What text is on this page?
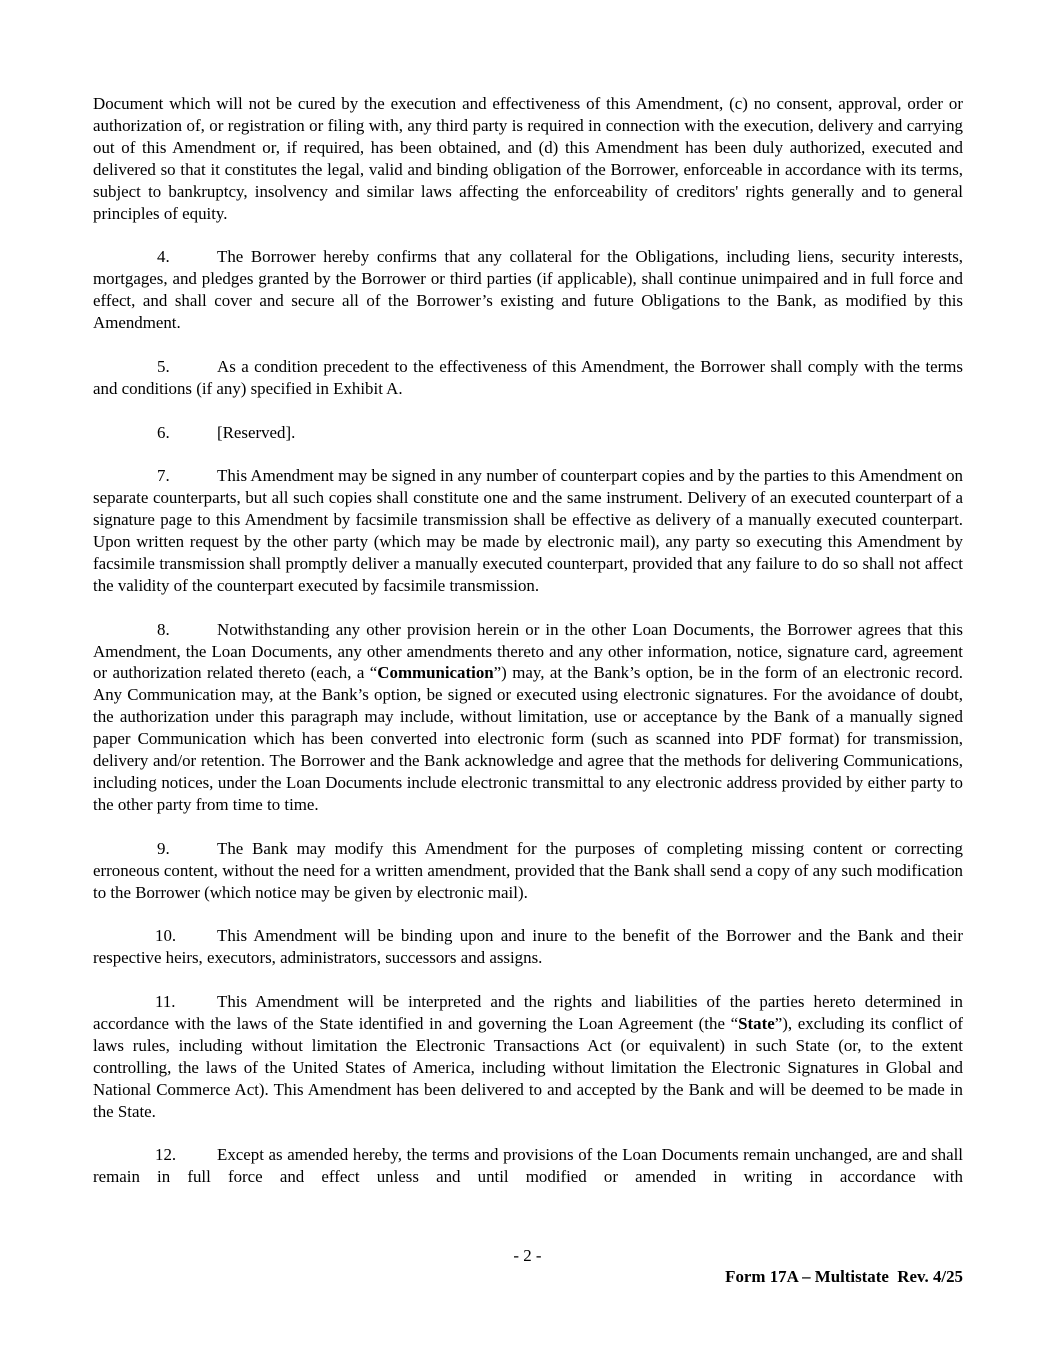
Document which will not be cured by the execution and effectiveness of this Amendment, (c) no consent, approval, order or authorization of, or registration or filing with, any third party is required in connection with the execution, delivery and carrying out of this Amendment or, if required, has been obtained, and (d) this Amendment has been duly authorized, executed and delivered so that it constitutes the legal, valid and binding obligation of the Borrower, enforceable in accordance with its terms, subject to bankruptcy, insolvency and similar laws affecting the enforceability of creditors' rights generally and to general principles of equity.

4.	The Borrower hereby confirms that any collateral for the Obligations, including liens, security interests, mortgages, and pledges granted by the Borrower or third parties (if applicable), shall continue unimpaired and in full force and effect, and shall cover and secure all of the Borrower’s existing and future Obligations to the Bank, as modified by this Amendment.

5.	As a condition precedent to the effectiveness of this Amendment, the Borrower shall comply with the terms and conditions (if any) specified in Exhibit A.

6.	[Reserved].

7.	This Amendment may be signed in any number of counterpart copies and by the parties to this Amendment on separate counterparts, but all such copies shall constitute one and the same instrument. Delivery of an executed counterpart of a signature page to this Amendment by facsimile transmission shall be effective as delivery of a manually executed counterpart. Upon written request by the other party (which may be made by electronic mail), any party so executing this Amendment by facsimile transmission shall promptly deliver a manually executed counterpart, provided that any failure to do so shall not affect the validity of the counterpart executed by facsimile transmission.

8.	Notwithstanding any other provision herein or in the other Loan Documents, the Borrower agrees that this Amendment, the Loan Documents, any other amendments thereto and any other information, notice, signature card, agreement or authorization related thereto (each, a “Communication”) may, at the Bank’s option, be in the form of an electronic record. Any Communication may, at the Bank’s option, be signed or executed using electronic signatures. For the avoidance of doubt, the authorization under this paragraph may include, without limitation, use or acceptance by the Bank of a manually signed paper Communication which has been converted into electronic form (such as scanned into PDF format) for transmission, delivery and/or retention. The Borrower and the Bank acknowledge and agree that the methods for delivering Communications, including notices, under the Loan Documents include electronic transmittal to any electronic address provided by either party to the other party from time to time.

9.	The Bank may modify this Amendment for the purposes of completing missing content or correcting erroneous content, without the need for a written amendment, provided that the Bank shall send a copy of any such modification to the Borrower (which notice may be given by electronic mail).

10. This Amendment will be binding upon and inure to the benefit of the Borrower and the Bank and their respective heirs, executors, administrators, successors and assigns.

11. This Amendment will be interpreted and the rights and liabilities of the parties hereto determined in accordance with the laws of the State identified in and governing the Loan Agreement (the “State”), excluding its conflict of laws rules, including without limitation the Electronic Transactions Act (or equivalent) in such State (or, to the extent controlling, the laws of the United States of America, including without limitation the Electronic Signatures in Global and National Commerce Act). This Amendment has been delivered to and accepted by the Bank and will be deemed to be made in the State.

12. Except as amended hereby, the terms and provisions of the Loan Documents remain unchanged, are and shall remain in full force and effect unless and until modified or amended in writing in accordance with

- 2 -
Form 17A – Multistate  Rev. 4/25
